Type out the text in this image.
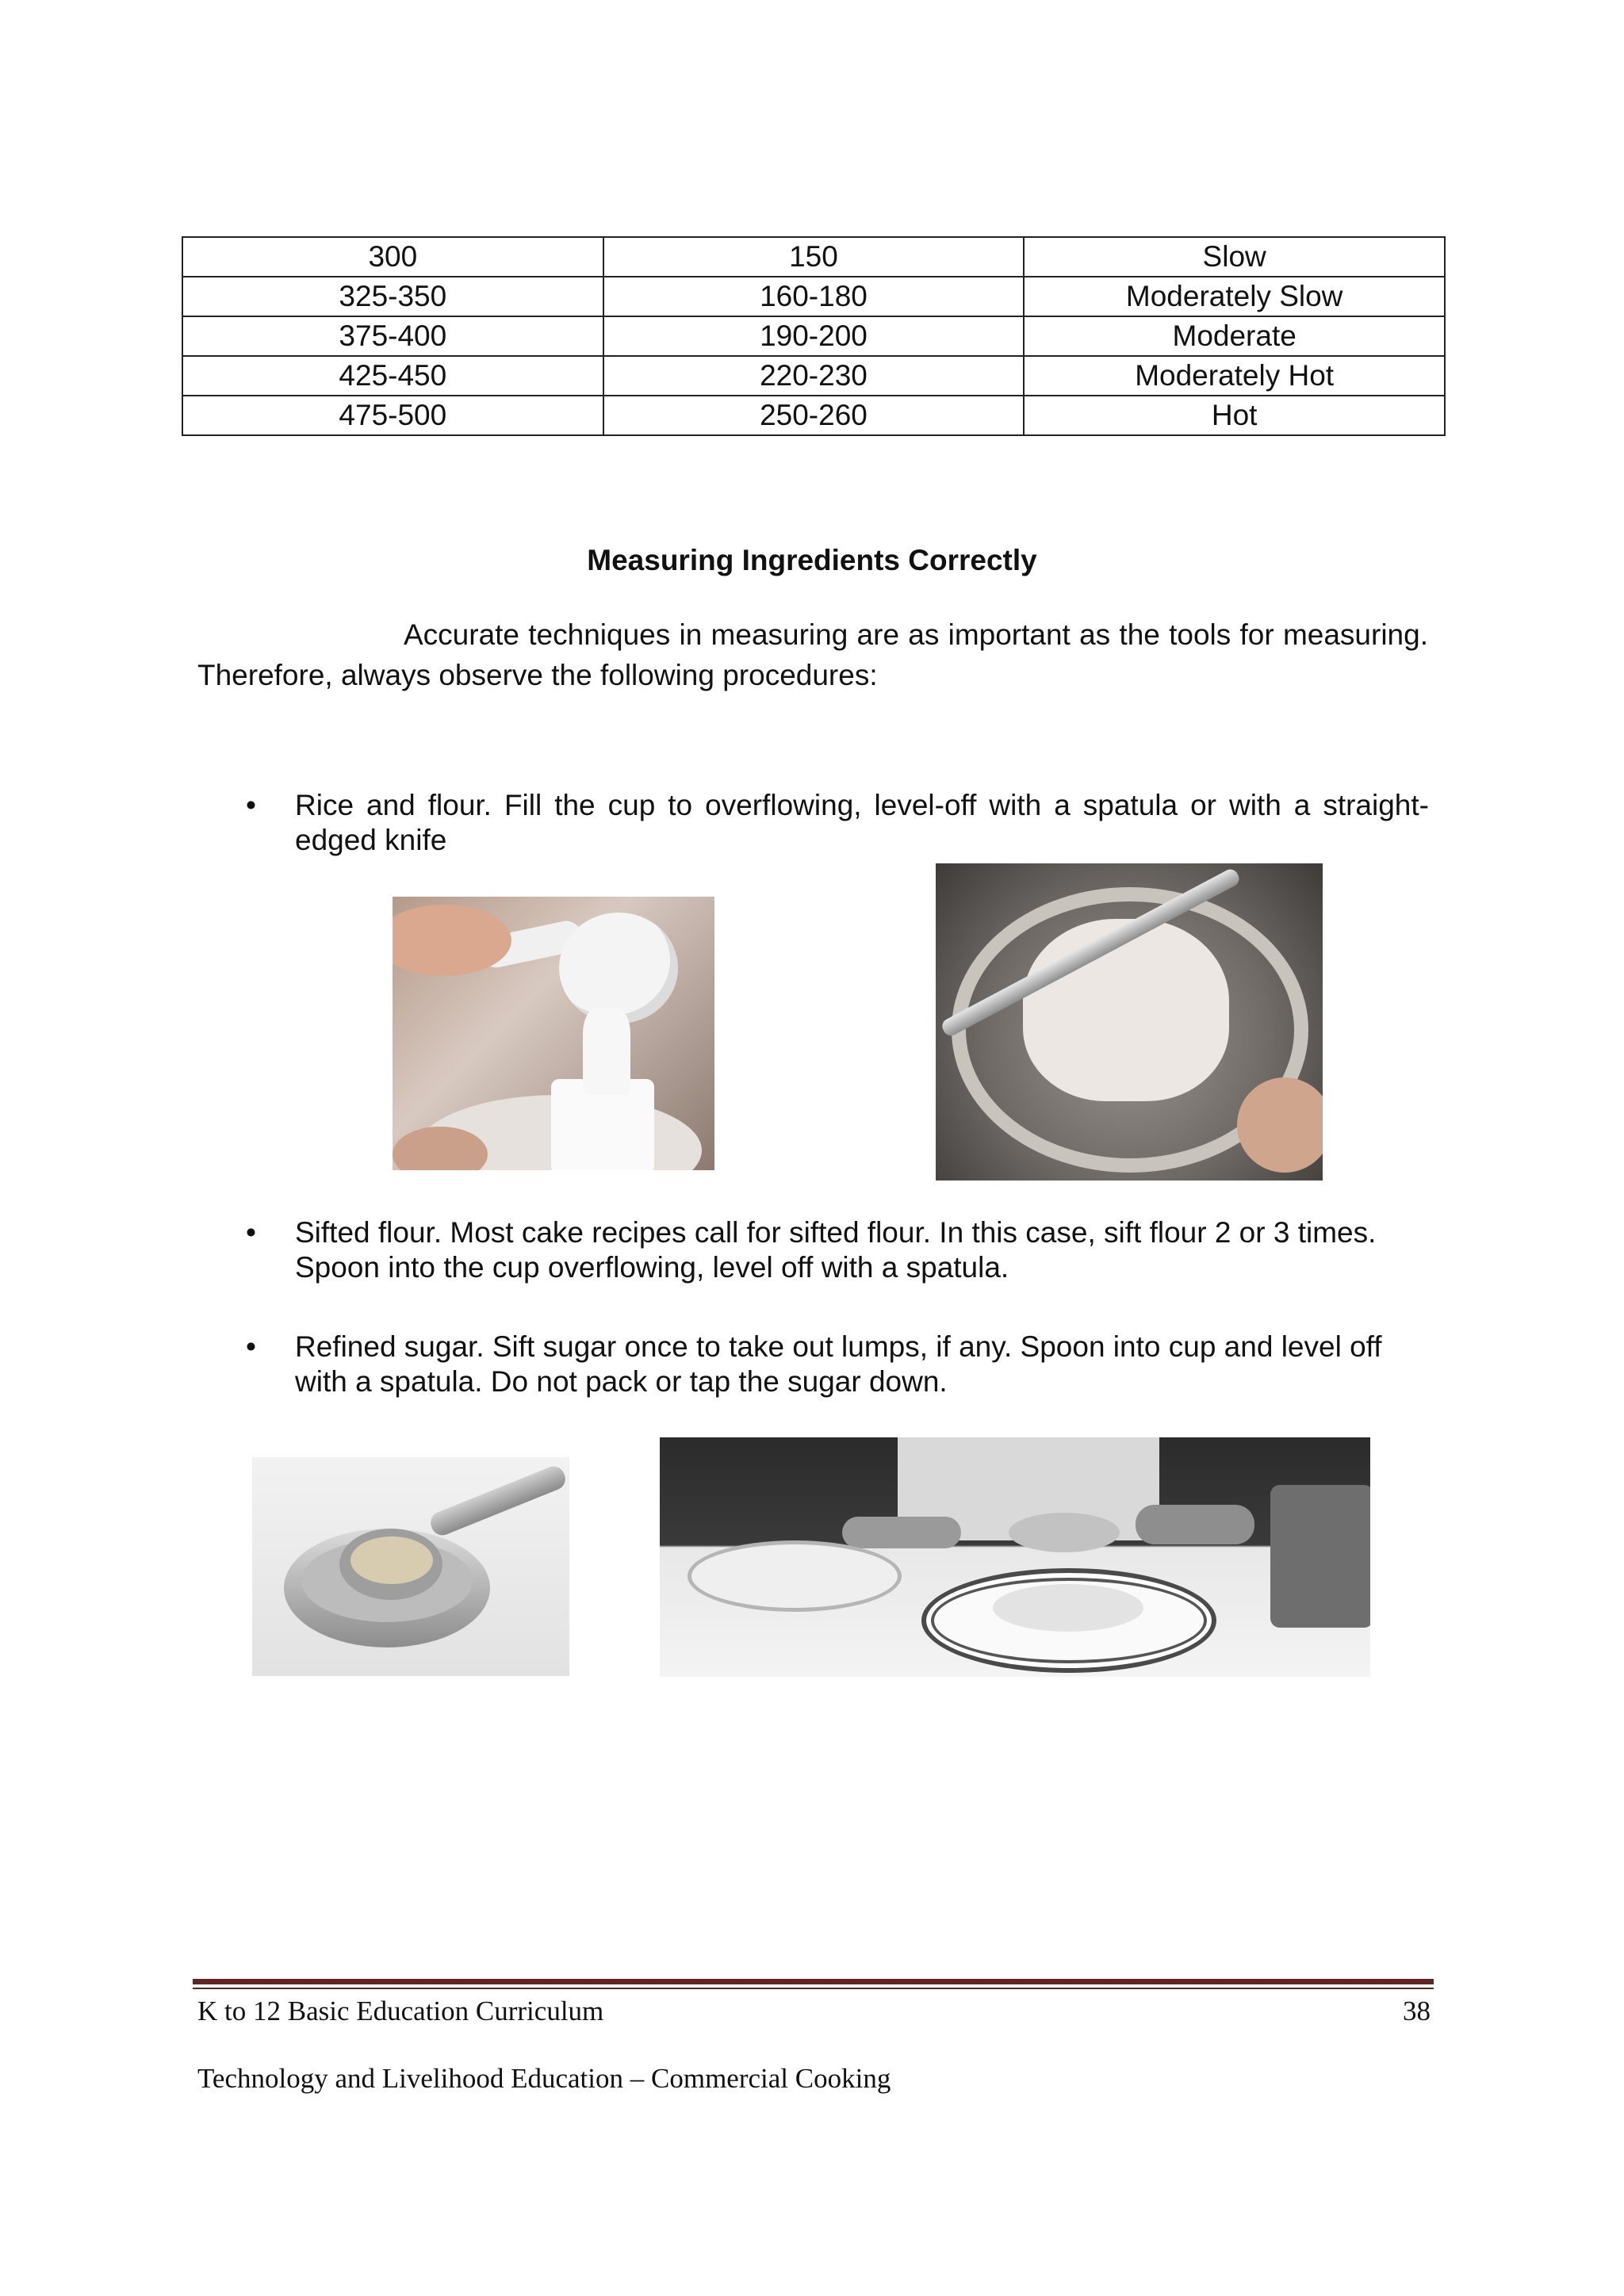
300	150	Slow
325-350	160-180	Moderately Slow
375-400	190-200	Moderate
425-450	220-230	Moderately Hot
475-500	250-260	Hot
Measuring Ingredients Correctly
Accurate techniques in measuring are as important as the tools for measuring. Therefore, always observe the following procedures:
• Rice and flour. Fill the cup to overflowing, level-off with a spatula or with a straight-edged knife
• Sifted flour. Most cake recipes call for sifted flour. In this case, sift flour 2 or 3 times. Spoon into the cup overflowing, level off with a spatula.
• Refined sugar. Sift sugar once to take out lumps, if any. Spoon into cup and level off with a spatula. Do not pack or tap the sugar down.
K to 12 Basic Education Curriculum	38
Technology and Livelihood Education – Commercial Cooking
